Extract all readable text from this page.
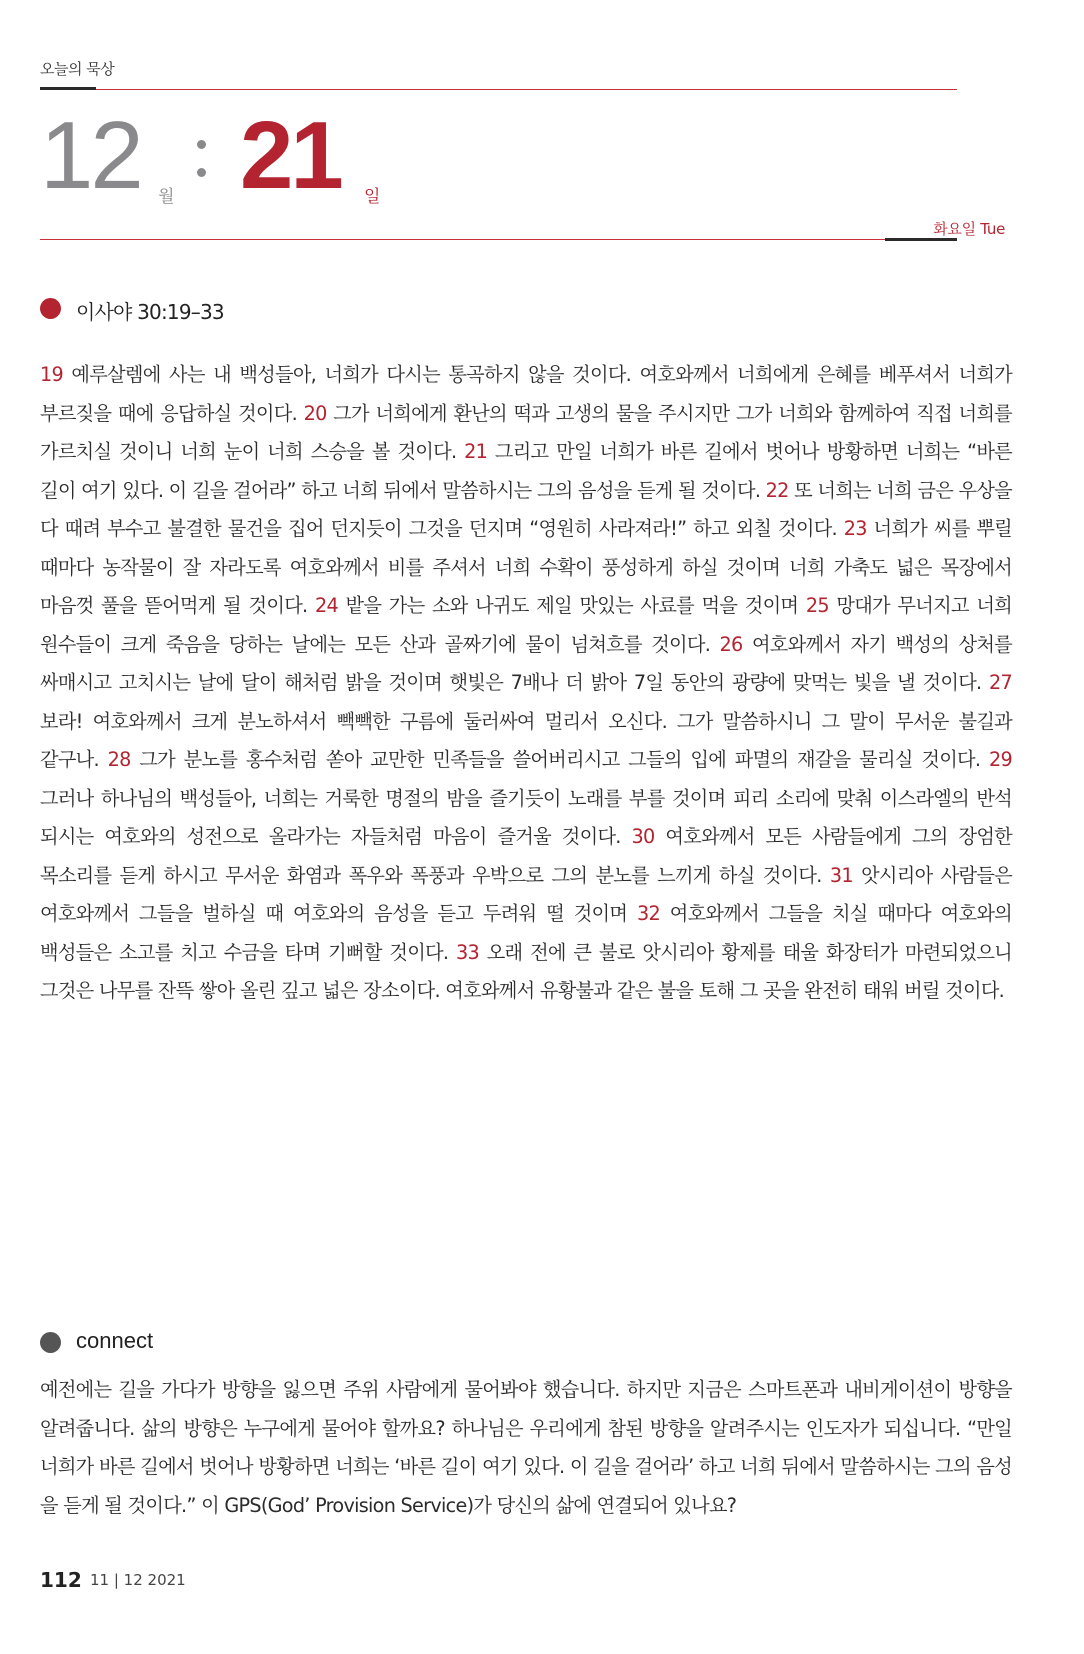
오늘의 묵상
12 월 21 일
화요일 Tue
이사야 30:19–33
19 예루살렘에 사는 내 백성들아, 너희가 다시는 통곡하지 않을 것이다. 여호와께서 너희에게 은혜를 베푸셔서 너희가 부르짖을 때에 응답하실 것이다. 20 그가 너희에게 환난의 떡과 고생의 물을 주시지만 그가 너희와 함께하여 직접 너희를 가르치실 것이니 너희 눈이 너희 스승을 볼 것이다. 21 그리고 만일 너희가 바른 길에서 벗어나 방황하면 너희는 “바른 길이 여기 있다. 이 길을 걸어라” 하고 너희 뒤에서 말씀하시는 그의 음성을 듣게 될 것이다. 22 또 너희는 너희 금은 우상을 다 때려 부수고 불결한 물건을 집어 던지듯이 그것을 던지며 “영원히 사라져라!” 하고 외칠 것이다. 23 너희가 씨를 뿌릴 때마다 농작물이 잘 자라도록 여호와께서 비를 주셔서 너희 수확이 풍성하게 하실 것이며 너희 가축도 넓은 목장에서 마음껏 풀을 뜯어먹게 될 것이다. 24 밭을 가는 소와 나귀도 제일 맛있는 사료를 먹을 것이며 25 망대가 무너지고 너희 원수들이 크게 죽음을 당하는 날에는 모든 산과 골짜기에 물이 넘쳐흐를 것이다. 26 여호와께서 자기 백성의 상처를 싸매시고 고치시는 날에 달이 해처럼 밝을 것이며 햇빛은 7배나 더 밝아 7일 동안의 광량에 맞먹는 빛을 낼 것이다. 27 보라! 여호와께서 크게 분노하셔서 빽빽한 구름에 둘러싸여 멀리서 오신다. 그가 말씀하시니 그 말이 무서운 불길과 같구나. 28 그가 분노를 홍수처럼 쏟아 교만한 민족들을 쓸어버리시고 그들의 입에 파멸의 재갈을 물리실 것이다. 29 그러나 하나님의 백성들아, 너희는 거룩한 명절의 밤을 즐기듯이 노래를 부를 것이며 피리 소리에 맞춰 이스라엘의 반석 되시는 여호와의 성전으로 올라가는 자들처럼 마음이 즐거울 것이다. 30 여호와께서 모든 사람들에게 그의 장엄한 목소리를 듣게 하시고 무서운 화염과 폭우와 폭풍과 우박으로 그의 분노를 느끼게 하실 것이다. 31 앗시리아 사람들은 여호와께서 그들을 벌하실 때 여호와의 음성을 듣고 두려워 떨 것이며 32 여호와께서 그들을 치실 때마다 여호와의 백성들은 소고를 치고 수금을 타며 기뻐할 것이다. 33 오래 전에 큰 불로 앗시리아 황제를 태울 화장터가 마련되었으니 그것은 나무를 잔뜩 쌓아 올린 깊고 넓은 장소이다. 여호와께서 유황불과 같은 불을 토해 그 곳을 완전히 태워 버릴 것이다.
connect
예전에는 길을 가다가 방향을 잃으면 주위 사람에게 물어봐야 했습니다. 하지만 지금은 스마트폰과 내비게이션이 방향을 알려줍니다. 삶의 방향은 누구에게 물어야 할까요? 하나님은 우리에게 참된 방향을 알려주시는 인도자가 되십니다. “만일 너희가 바른 길에서 벗어나 방황하면 너희는 ‘바른 길이 여기 있다. 이 길을 걸어라’ 하고 너희 뒤에서 말씀하시는 그의 음성을 듣게 될 것이다.” 이 GPS(God’ Provision Service)가 당신의 삶에 연결되어 있나요?
112 11 | 12 2021
